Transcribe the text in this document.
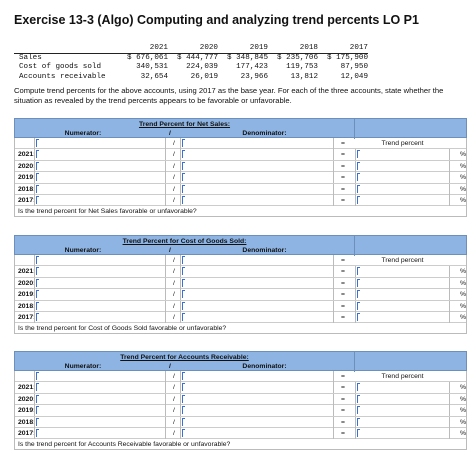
Exercise 13-3 (Algo) Computing and analyzing trend percents LO P1
2021	2020	2019	2018	2017
Sales	$ 676,061	$ 444,777	$ 348,845	$ 235,706	$ 175,900
Cost of goods sold	340,531	224,039	177,423	119,753	87,950
Accounts receivable	32,654	26,019	23,966	13,812	12,049
Compute trend percents for the above accounts, using 2017 as the base year. For each of the three accounts, state whether the situation as revealed by the trend percents appears to be favorable or unfavorable.
Trend Percent for Net Sales:
Numerator:	/	Denominator:
/	=	Trend percent
2021:	/	=	%
2020:	/	=	%
2019:	/	=	%
2018:	/	=	%
2017:	/	=	%
Is the trend percent for Net Sales favorable or unfavorable?
Trend Percent for Cost of Goods Sold:
Numerator:	/	Denominator:
/	=	Trend percent
2021:	/	=	%
2020:	/	=	%
2019:	/	=	%
2018:	/	=	%
2017:	/	=	%
Is the trend percent for Cost of Goods Sold favorable or unfavorable?
Trend Percent for Accounts Receivable:
Numerator:	/	Denominator:
/	=	Trend percent
2021:	/	=	%
2020:	/	=	%
2019:	/	=	%
2018:	/	=	%
2017:	/	=	%
Is the trend percent for Accounts Receivable favorable or unfavorable?
